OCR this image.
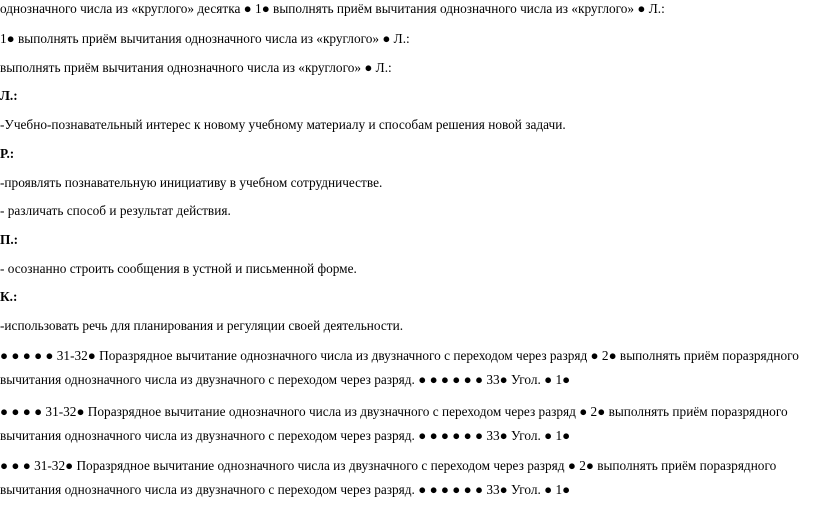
однозначного числа из «круглого» десятка ● 1● выполнять приём вычитания однозначного числа из «круглого» ● Л.:
1● выполнять приём вычитания однозначного числа из «круглого» ● Л.:
выполнять приём вычитания однозначного числа из «круглого» ● Л.:
Л.:
-Учебно-познавательный интерес к новому учебному материалу и способам решения новой задачи.
Р.:
-проявлять познавательную инициативу в учебном сотрудничестве.
- различать способ и результат действия.
П.:
- осознанно строить сообщения в устной и письменной форме.
К.:
-использовать речь для планирования и регуляции своей деятельности.
● ● ● ● ● 31-32● Поразрядное вычитание однозначного числа из двузначного с переходом через разряд ● 2● выполнять приём поразрядного
вычитания однозначного числа из двузначного с переходом через разряд. ● ● ● ● ● ● 33● Угол. ● 1●
● ● ● ● 31-32● Поразрядное вычитание однозначного числа из двузначного с переходом через разряд ● 2● выполнять приём поразрядного
вычитания однозначного числа из двузначного с переходом через разряд. ● ● ● ● ● ● 33● Угол. ● 1●
● ● ● 31-32● Поразрядное вычитание однозначного числа из двузначного с переходом через разряд ● 2● выполнять приём поразрядного
вычитания однозначного числа из двузначного с переходом через разряд. ● ● ● ● ● ● 33● Угол. ● 1●
